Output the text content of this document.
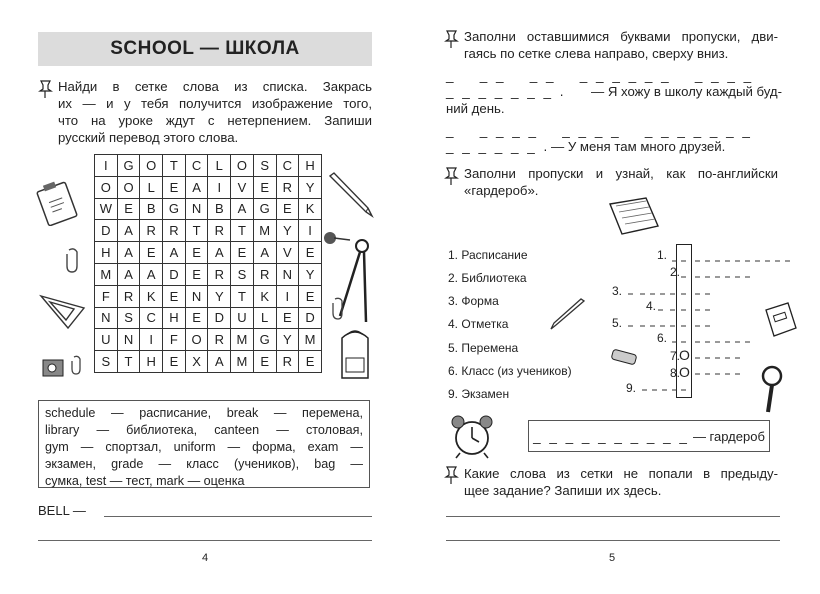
SCHOOL — ШКОЛА
Найди в сетке слова из списка. Закрась
их — и у тебя получится изображение того,
что на уроке ждут с нетерпением. Запиши
русский перевод этого слова.
I	G	O	T	C	L	O	S	C	H
O	O	L	E	A	I	V	E	R	Y
W	E	B	G	N	B	A	G	E	K
D	A	R	R	T	R	T	M	Y	I
H	A	E	A	E	A	E	A	V	E
M	A	A	D	E	R	S	R	N	Y
F	R	K	E	N	Y	T	K	I	E
N	S	C	H	E	D	U	L	E	D
U	N	I	F	O	R	M	G	Y	M
S	T	H	E	X	A	M	E	R	E
schedule — расписание, break — перемена,
library — библиотека, canteen — столовая,
gym — спортзал, uniform — форма, exam —
экзамен, grade — класс (учеников), bag —
сумка, test — тест, mark — оценка
BELL —
4
Заполни оставшимися буквами пропуски, дви-
гаясь по сетке слева направо, сверху вниз.
_   _ _   _ _   _ _ _ _ _ _   _ _ _ _
_ _ _ _ _ _ _ . — Я хожу в школу каждый буд-
ний день.
_   _ _ _ _   _ _ _ _   _ _ _ _ _ _ _
_ _ _ _ _ _ . — У меня там много друзей.
Заполни пропуски и узнай, как по-английски
«гардероб».
1. Расписание
2. Библиотека
3. Форма
4. Отметка
5. Перемена
6. Класс (из учеников)
9. Экзамен
1.
2.
3.
5.
4.
6.
7.
8.
9.
O
O
_ _ _ _ _ _ _ _ _ _ — гардероб
Какие слова из сетки не попали в предыду-
щее задание? Запиши их здесь.
5
